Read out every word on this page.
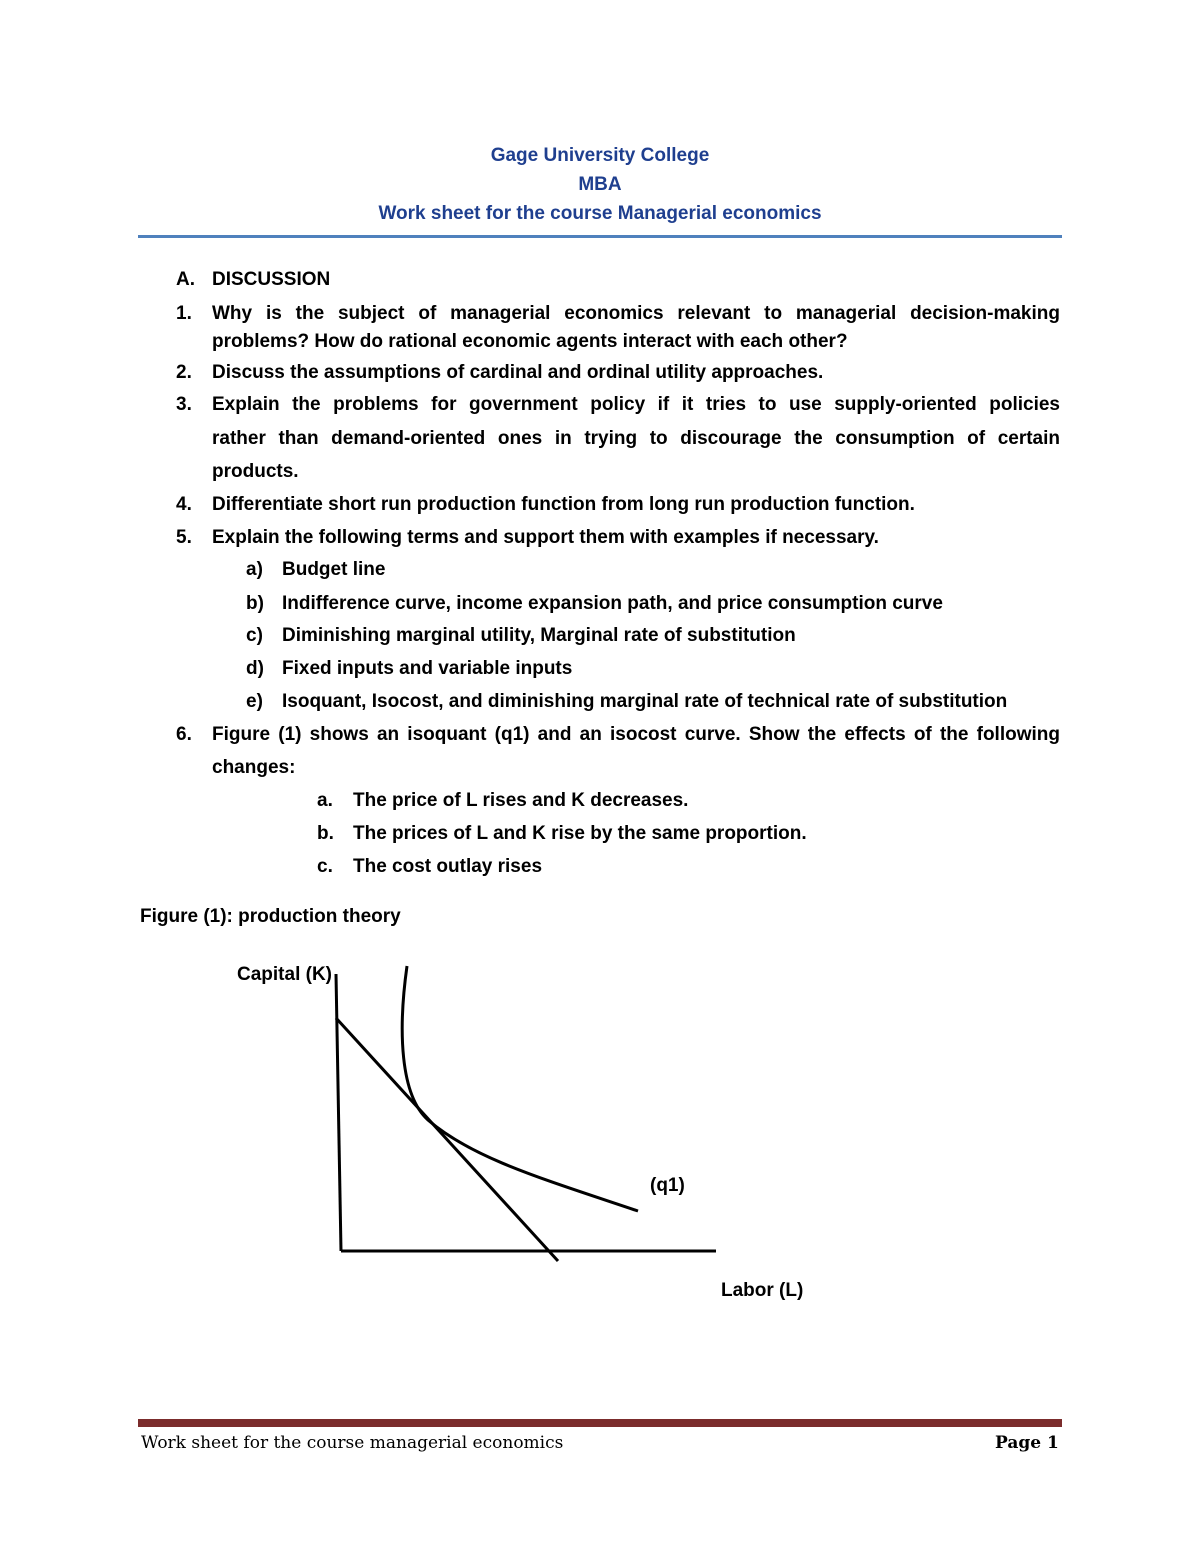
Gage University College
MBA
Work sheet for the course Managerial economics
A. DISCUSSION
1. Why is the subject of managerial economics relevant to managerial decision-making
problems? How do rational economic agents interact with each other?
2. Discuss the assumptions of cardinal and ordinal utility approaches.
3. Explain the problems for government policy if it tries to use supply-oriented policies
rather than demand-oriented ones in trying to discourage the consumption of certain
products.
4. Differentiate short run production function from long run production function.
5. Explain the following terms and support them with examples if necessary.
a) Budget line
b) Indifference curve, income expansion path, and price consumption curve
c) Diminishing marginal utility, Marginal rate of substitution
d) Fixed inputs and variable inputs
e) Isoquant, Isocost, and diminishing marginal rate of technical rate of substitution
6. Figure (1) shows an isoquant (q1) and an isocost curve. Show the effects of the following
changes:
a. The price of L rises and K decreases.
b. The prices of L and K rise by the same proportion.
c. The cost outlay rises
Figure (1): production theory
Capital (K)
(q1)
Labor (L)
Work sheet for the course managerial economics	Page 1
